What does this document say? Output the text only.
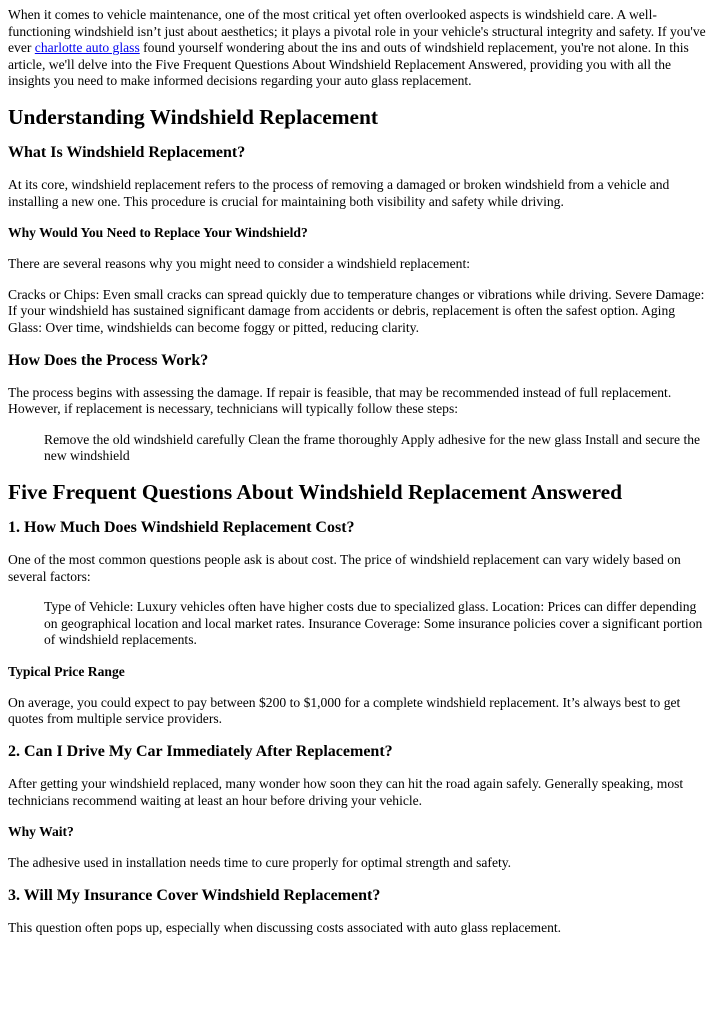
When it comes to vehicle maintenance, one of the most critical yet often overlooked aspects is windshield care. A well-functioning windshield isn’t just about aesthetics; it plays a pivotal role in your vehicle's structural integrity and safety. If you've ever charlotte auto glass found yourself wondering about the ins and outs of windshield replacement, you're not alone. In this article, we'll delve into the Five Frequent Questions About Windshield Replacement Answered, providing you with all the insights you need to make informed decisions regarding your auto glass replacement.

Understanding Windshield Replacement
What Is Windshield Replacement?

At its core, windshield replacement refers to the process of removing a damaged or broken windshield from a vehicle and installing a new one. This procedure is crucial for maintaining both visibility and safety while driving.

Why Would You Need to Replace Your Windshield?

There are several reasons why you might need to consider a windshield replacement:

Cracks or Chips: Even small cracks can spread quickly due to temperature changes or vibrations while driving. Severe Damage: If your windshield has sustained significant damage from accidents or debris, replacement is often the safest option. Aging Glass: Over time, windshields can become foggy or pitted, reducing clarity.

How Does the Process Work?

The process begins with assessing the damage. If repair is feasible, that may be recommended instead of full replacement. However, if replacement is necessary, technicians will typically follow these steps:

Remove the old windshield carefully Clean the frame thoroughly Apply adhesive for the new glass Install and secure the new windshield
Five Frequent Questions About Windshield Replacement Answered
1. How Much Does Windshield Replacement Cost?

One of the most common questions people ask is about cost. The price of windshield replacement can vary widely based on several factors:

Type of Vehicle: Luxury vehicles often have higher costs due to specialized glass. Location: Prices can differ depending on geographical location and local market rates. Insurance Coverage: Some insurance policies cover a significant portion of windshield replacements.
Typical Price Range

On average, you could expect to pay between $200 to $1,000 for a complete windshield replacement. It’s always best to get quotes from multiple service providers.

2. Can I Drive My Car Immediately After Replacement?

After getting your windshield replaced, many wonder how soon they can hit the road again safely. Generally speaking, most technicians recommend waiting at least an hour before driving your vehicle.

Why Wait?

The adhesive used in installation needs time to cure properly for optimal strength and safety.

3. Will My Insurance Cover Windshield Replacement?

This question often pops up, especially when discussing costs associated with auto glass replacement.
